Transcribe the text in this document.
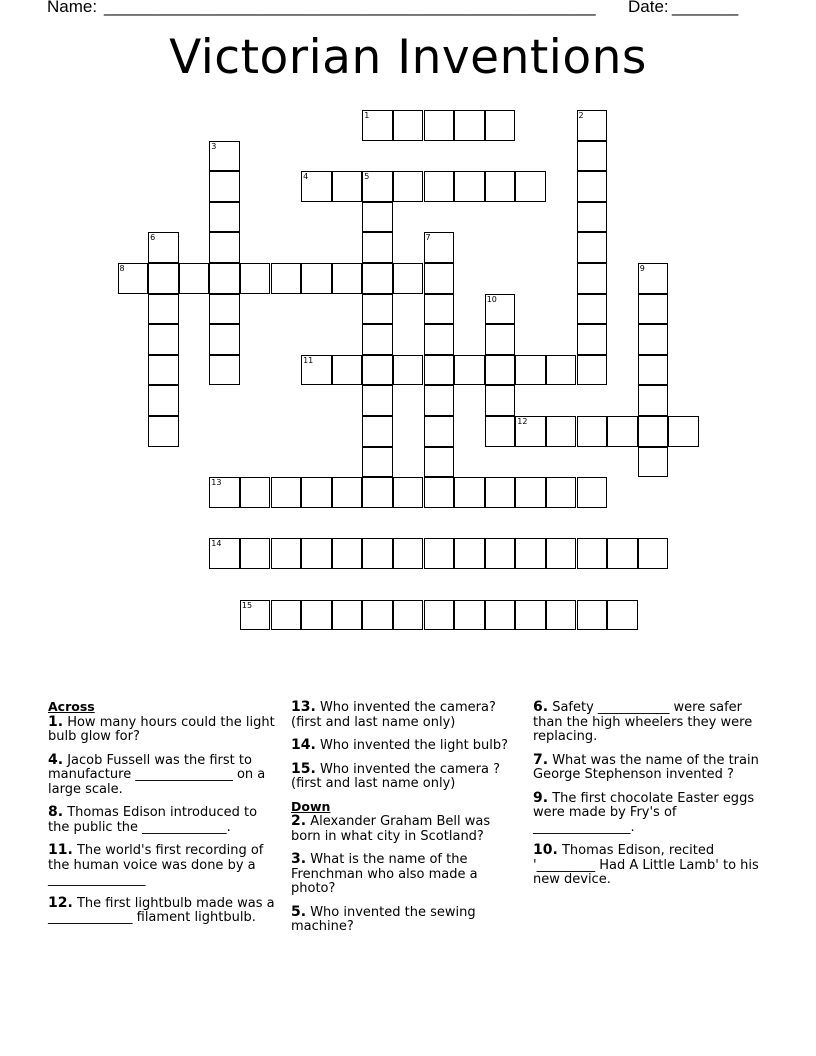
Name: ____________________________________________________ Date: _______
Victorian Inventions
1	2
3
4	5
6	7
8	9
10
11
12
13
14
15
Across
1. How many hours could the light bulb glow for?
4. Jacob Fussell was the first to manufacture _______________ on a large scale.
8. Thomas Edison introduced to the public the _____________.
11. The world's first recording of the human voice was done by a _______________
12. The first lightbulb made was a _____________ filament lightbulb.
13. Who invented the camera? (first and last name only)
14. Who invented the light bulb?
15. Who invented the camera ? (first and last name only)
Down
2. Alexander Graham Bell was born in what city in Scotland?
3. What is the name of the Frenchman who also made a photo?
5. Who invented the sewing machine?
6. Safety ___________ were safer than the high wheelers they were replacing.
7. What was the name of the train George Stephenson invented ?
9. The first chocolate Easter eggs were made by Fry's of _______________.
10. Thomas Edison, recited '_________ Had A Little Lamb' to his new device.
